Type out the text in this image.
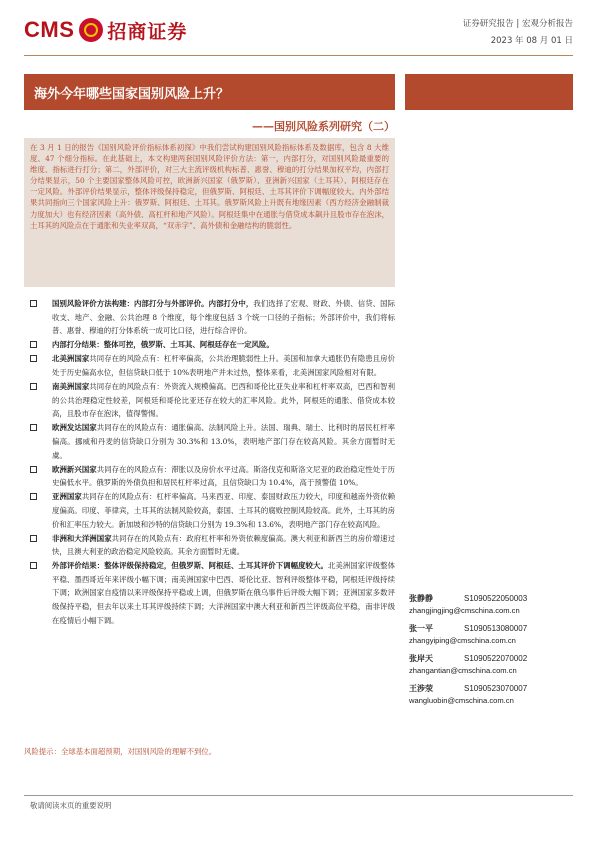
CMS 招商证券	证券研究报告 | 宏观分析报告
2023 年 08 月 01 日
海外今年哪些国家国别风险上升？
——国别风险系列研究（二）

在 3 月 1 日的报告《国别风险评价指标体系初探》中我们尝试构建国别风险指标体系及数据库，包含 8 大维度、47 个细分指标。在此基础上，本文构建两套国别风险评价方法：第一，内部打分，对国别风险最重要的维度、指标进行打分；第二，外部评价，对三大主流评级机构标普、惠誉、穆迪的打分结果加权平均，内部打分结果显示，50 个主要国家整体风险可控，欧洲新兴国家（俄罗斯）、亚洲新兴国家（土耳其）、阿根廷存在一定风险。外部评价结果显示，整体评级保持稳定，但俄罗斯、阿根廷、土耳其评价下调幅度较大。内外部结果共同指向三个国家风险上升：俄罗斯、阿根廷、土耳其。俄罗斯风险上升既有地缘因素（西方经济金融制裁力度加大）也有经济因素（高外债、高杠杆和地产风险）。阿根廷集中在通胀与借贷成本飙升且股市存在泡沫，土耳其的风险点在于通胀和失业率双高，“双赤字”、高外债和金融结构的脆弱性。

国别风险评价方法构建：内部打分与外部评价。内部打分中，我们选择了宏观、财政、外债、信贷、国际收支、地产、金融、公共治理 8 个维度，每个维度包括 3 个统一口径的子指标；外部评价中，我们将标普、惠誉、穆迪的打分体系统一成可比口径，进行综合评价。
内部打分结果：整体可控，俄罗斯、土耳其、阿根廷存在一定风险。
北美洲国家共同存在的风险点有：杠杆率偏高，公共治理脆弱性上升。美国和加拿大通胀仍有隐患且房价处于历史偏高水位，但信贷缺口低于 10%表明地产并未过热，整体来看，北美洲国家风险相对有限。
南美洲国家共同存在的风险点有：外资流入规模偏高。巴西和哥伦比亚失业率和杠杆率双高，巴西和智利的公共治理稳定性较差，阿根廷和哥伦比亚还存在较大的汇率风险。此外，阿根廷的通胀、借贷成本较高，且股市存在泡沫，值得警惕。
欧洲发达国家共同存在的风险点有：通胀偏高、法制风险上升。法国、瑞典、瑞士、比利时的居民杠杆率偏高。挪威和丹麦的信贷缺口分别为 30.3%和 13.0%，表明地产部门存在较高风险。其余方面暂时无虞。
欧洲新兴国家共同存在的风险点有：滞胀以及房价水平过高。斯洛伐克和斯洛文尼亚的政治稳定性处于历史偏低水平。俄罗斯的外债负担和居民杠杆率过高，且信贷缺口为 10.4%，高于预警值 10%。
亚洲国家共同存在的风险点有：杠杆率偏高。马来西亚、印度、泰国财政压力较大，印度和越南外资依赖度偏高。印度、菲律宾，土耳其的法制风险较高，泰国、土耳其的腐败控制风险较高。此外，土耳其的房价和汇率压力较大。新加坡和沙特的信贷缺口分别为 19.3%和 13.6%，表明地产部门存在较高风险。
非洲和大洋洲国家共同存在的风险点有：政府杠杆率和外资依赖度偏高。澳大利亚和新西兰的房价增速过快，且澳大利亚的政治稳定风险较高。其余方面暂时无虞。
外部评价结果：整体评级保持稳定，但俄罗斯、阿根廷、土耳其评价下调幅度较大。北美洲国家评级整体平稳、墨西哥近年来评级小幅下调；南美洲国家中巴西、哥伦比亚、智利评级整体平稳，阿根廷评级持续下调；欧洲国家自疫情以来评级保持平稳或上调，但俄罗斯在俄乌事件后评级大幅下调；亚洲国家多数评级保持平稳，但去年以来土耳其评级持续下调；大洋洲国家中澳大利亚和新西兰评级高位平稳，南非评级在疫情后小幅下调。
风险提示：全球基本面超预期，对国别风险的理解不到位。
张静静	S1090522050003
zhangjingjing@cmschina.com.cn
张一平	S1090513080007
zhangyiping@cmschina.com.cn
张岸天	S1090522070002
zhangantian@cmschina.com.cn
王涉荥	S1090523070007
wangluobin@cmschina.com.cn
敬请阅读末页的重要说明
